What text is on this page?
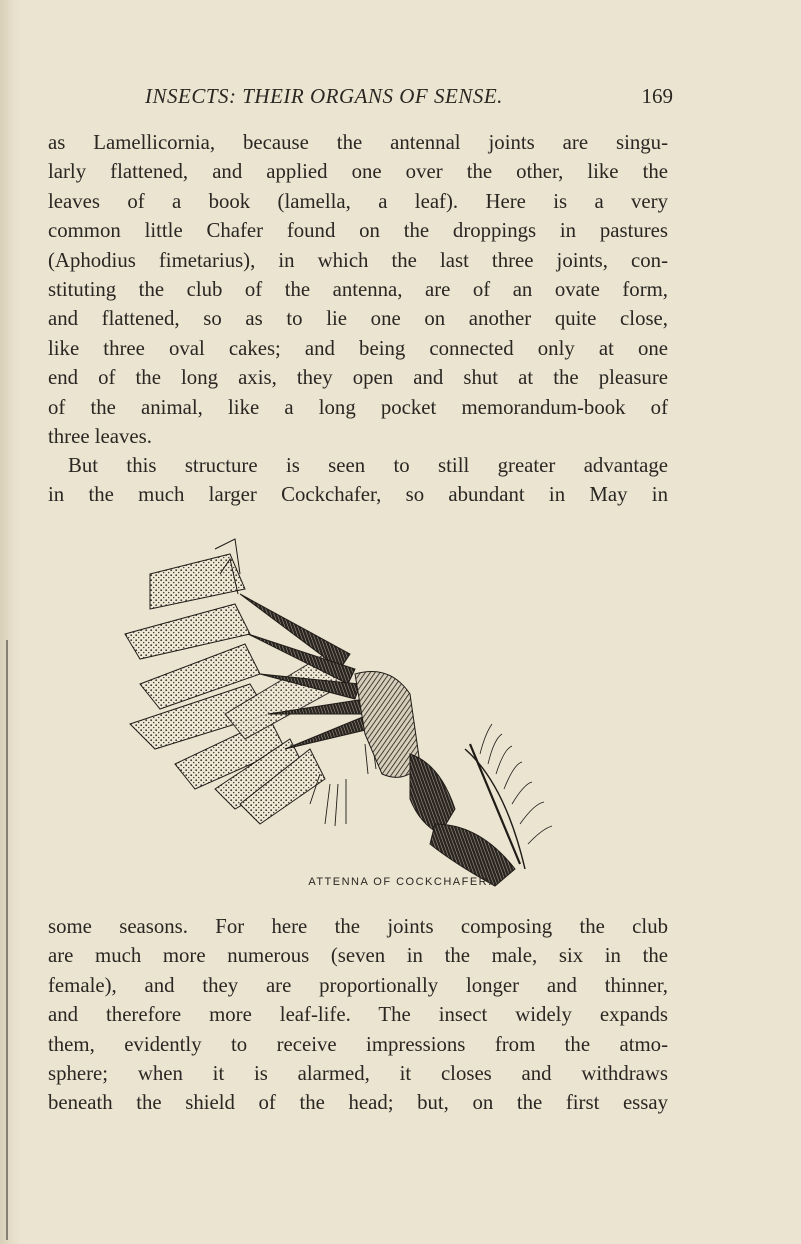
INSECTS: THEIR ORGANS OF SENSE.	169

as Lamellicornia, because the antennal joints are singu-
larly flattened, and applied one over the other, like the
leaves of a book (lamella, a leaf). Here is a very
common little Chafer found on the droppings in pastures
(Aphodius fimetarius), in which the last three joints, con-
stituting the club of the antenna, are of an ovate form,
and flattened, so as to lie one on another quite close,
like three oval cakes; and being connected only at one
end of the long axis, they open and shut at the pleasure
of the animal, like a long pocket memorandum-book of
three leaves.

But this structure is seen to still greater advantage
in the much larger Cockchafer, so abundant in May in

ATTENNA OF COCKCHAFER.

some seasons. For here the joints composing the club
are much more numerous (seven in the male, six in the
female), and they are proportionally longer and thinner,
and therefore more leaf-life. The insect widely expands
them, evidently to receive impressions from the atmo-
sphere; when it is alarmed, it closes and withdraws
beneath the shield of the head; but, on the first essay
